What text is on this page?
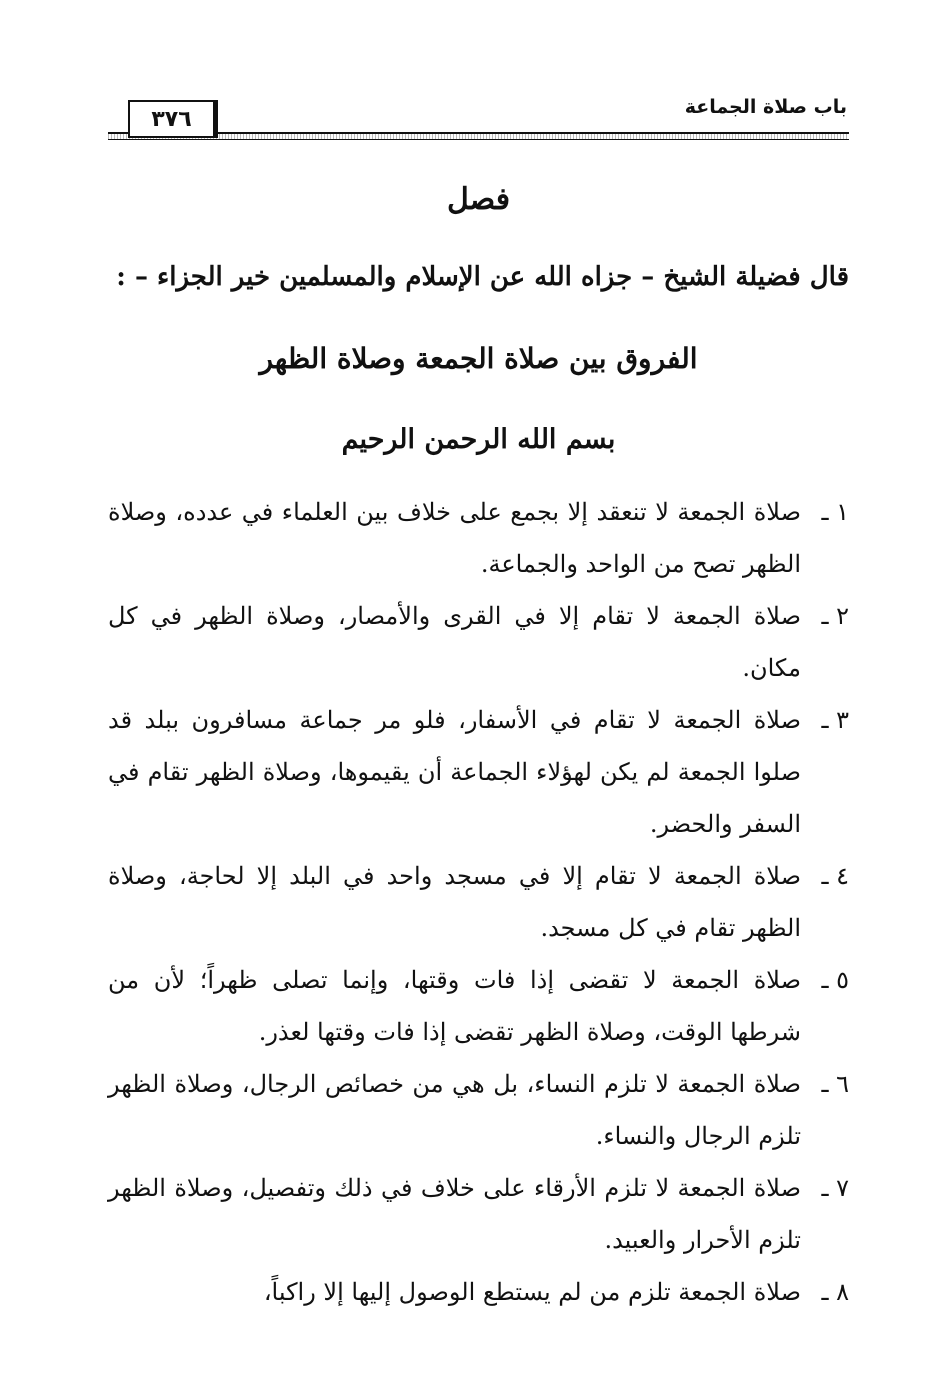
٣٧٦	باب صلاة الجماعة
فصل
قال فضيلة الشيخ – جزاه الله عن الإسلام والمسلمين خير الجزاء – :
الفروق بين صلاة الجمعة وصلاة الظهر
بسم الله الرحمن الرحيم
١ ـ
صلاة الجمعة لا تنعقد إلا بجمع على خلاف بين العلماء في عدده، وصلاة الظهر تصح من الواحد والجماعة.
٢ ـ
صلاة الجمعة لا تقام إلا في القرى والأمصار، وصلاة الظهر في كل مكان.
٣ ـ
صلاة الجمعة لا تقام في الأسفار، فلو مر جماعة مسافرون ببلد قد صلوا الجمعة لم يكن لهؤلاء الجماعة أن يقيموها، وصلاة الظهر تقام في السفر والحضر.
٤ ـ
صلاة الجمعة لا تقام إلا في مسجد واحد في البلد إلا لحاجة، وصلاة الظهر تقام في كل مسجد.
٥ ـ
صلاة الجمعة لا تقضى إذا فات وقتها، وإنما تصلى ظهراً؛ لأن من شرطها الوقت، وصلاة الظهر تقضى إذا فات وقتها لعذر.
٦ ـ
صلاة الجمعة لا تلزم النساء، بل هي من خصائص الرجال، وصلاة الظهر تلزم الرجال والنساء.
٧ ـ
صلاة الجمعة لا تلزم الأرقاء على خلاف في ذلك وتفصيل، وصلاة الظهر تلزم الأحرار والعبيد.
٨ ـ
صلاة الجمعة تلزم من لم يستطع الوصول إليها إلا راكباً،
